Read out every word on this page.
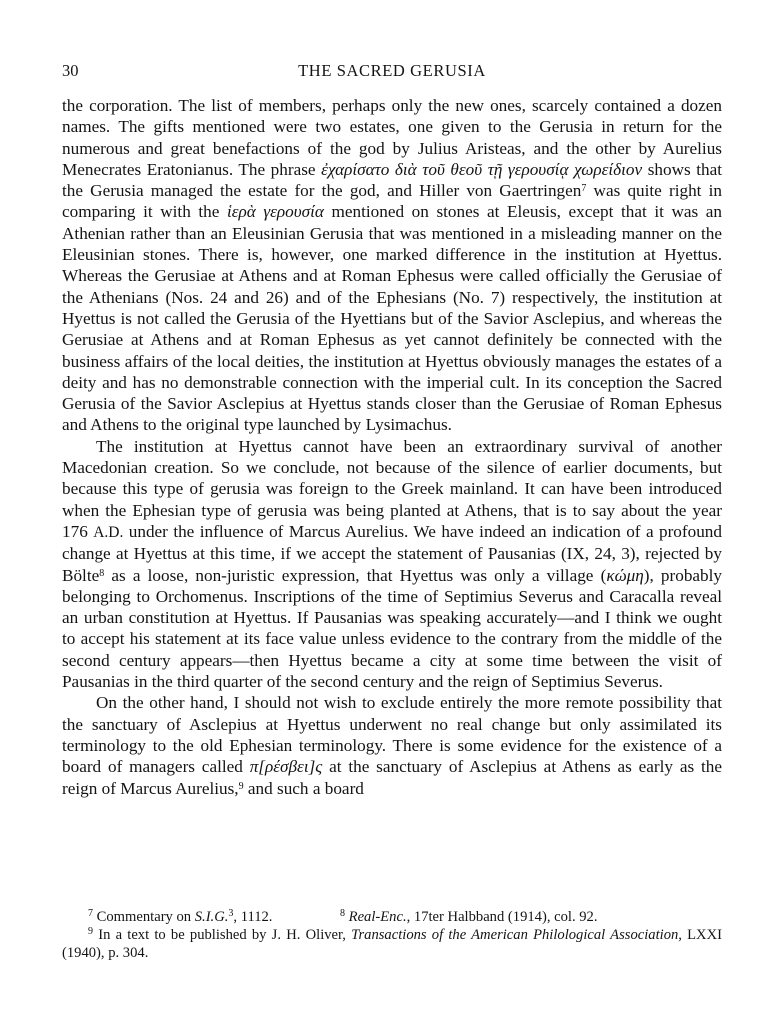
30	THE SACRED GERUSIA

the corporation. The list of members, perhaps only the new ones, scarcely contained a dozen names. The gifts mentioned were two estates, one given to the Gerusia in return for the numerous and great benefactions of the god by Julius Aristeas, and the other by Aurelius Menecrates Eratonianus. The phrase ἐχαρίσατο διὰ τοῦ θεοῦ τῇ γερουσίᾳ χωρείδιον shows that the Gerusia managed the estate for the god, and Hiller von Gaertringen$^7$ was quite right in comparing it with the ἱερὰ γερουσία mentioned on stones at Eleusis, except that it was an Athenian rather than an Eleusinian Gerusia that was mentioned in a misleading manner on the Eleusinian stones. There is, however, one marked difference in the institution at Hyettus. Whereas the Gerusiae at Athens and at Roman Ephesus were called officially the Gerusiae of the Athenians (Nos. 24 and 26) and of the Ephesians (No. 7) respectively, the institution at Hyettus is not called the Gerusia of the Hyettians but of the Savior Asclepius, and whereas the Gerusiae at Athens and at Roman Ephesus as yet cannot definitely be connected with the business affairs of the local deities, the institution at Hyettus obviously manages the estates of a deity and has no demonstrable connection with the imperial cult. In its conception the Sacred Gerusia of the Savior Asclepius at Hyettus stands closer than the Gerusiae of Roman Ephesus and Athens to the original type launched by Lysimachus.

The institution at Hyettus cannot have been an extraordinary survival of another Macedonian creation. So we conclude, not because of the silence of earlier documents, but because this type of gerusia was foreign to the Greek mainland. It can have been introduced when the Ephesian type of gerusia was being planted at Athens, that is to say about the year 176 A.D. under the influence of Marcus Aurelius. We have indeed an indication of a profound change at Hyettus at this time, if we accept the statement of Pausanias (IX, 24, 3), rejected by Bölte$^8$ as a loose, non-juristic expression, that Hyettus was only a village (κώμη), probably belonging to Orchomenus. Inscriptions of the time of Septimius Severus and Caracalla reveal an urban constitution at Hyettus. If Pausanias was speaking accurately—and I think we ought to accept his statement at its face value unless evidence to the contrary from the middle of the second century appears—then Hyettus became a city at some time between the visit of Pausanias in the third quarter of the second century and the reign of Septimius Severus.

On the other hand, I should not wish to exclude entirely the more remote possibility that the sanctuary of Asclepius at Hyettus underwent no real change but only assimilated its terminology to the old Ephesian terminology. There is some evidence for the existence of a board of managers called π[ρέσβει]ς at the sanctuary of Asclepius at Athens as early as the reign of Marcus Aurelius,$^9$ and such a board

$^7$ Commentary on S.I.G.$^3$, 1112.	$^8$ Real-Enc., 17ter Halbband (1914), col. 92.

$^9$ In a text to be published by J. H. Oliver, Transactions of the American Philological Association, LXXI (1940), p. 304.
